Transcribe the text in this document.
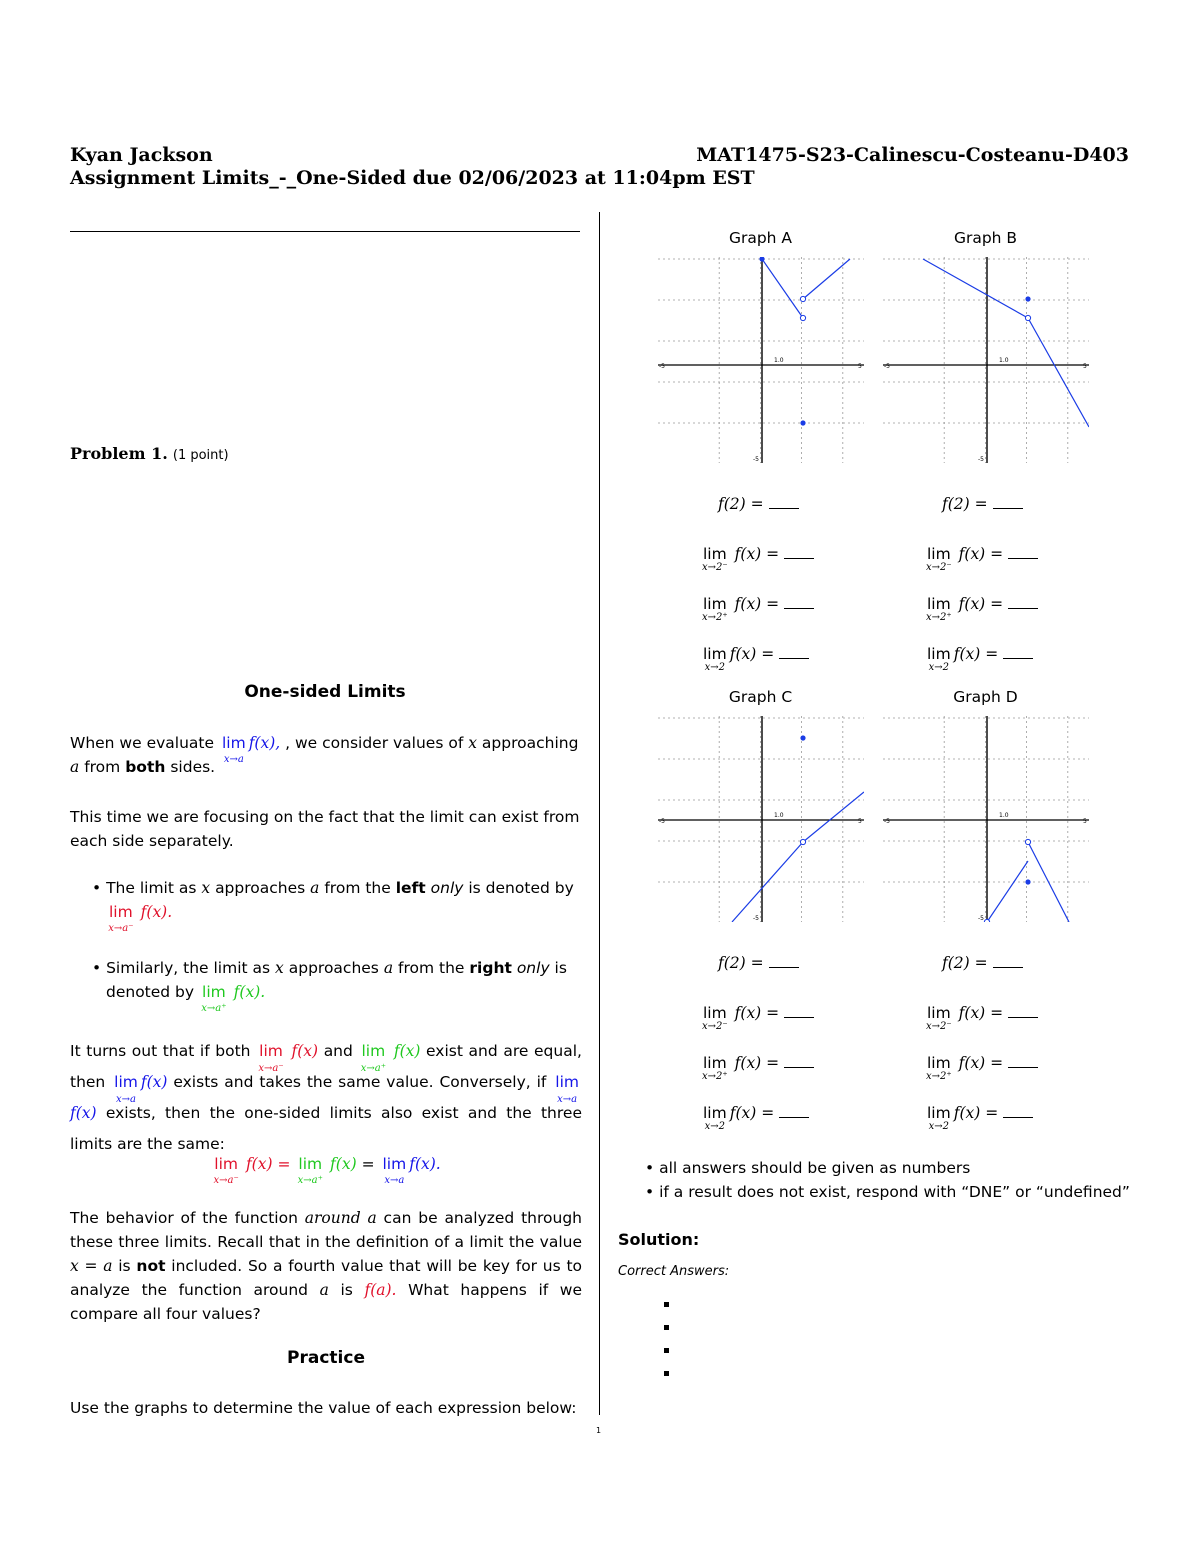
Kyan Jackson	MAT1475-S23-Calinescu-Costeanu-D403
Assignment Limits_-_One-Sided due 02/06/2023 at 11:04pm EST
Problem 1. (1 point)
One-sided Limits
When we evaluate lim
x→a
f(x), , we consider values of x approaching
a from both sides.
This time we are focusing on the fact that the limit can exist from each side separately.
• The limit as x approaches a from the left only is denoted by

lim
x→a⁻
f(x).
• Similarly, the limit as x approaches a from the right only is
denoted by lim
x→a⁺
f(x).
It turns out that if both lim
x→a⁻
f(x) and lim
x→a⁺
f(x) exist and are equal, then lim
x→a
f(x) exists and takes the same value. Conversely, if lim
x→a
f(x) exists, then the one-sided limits also exist and the three limits are the same:
lim
x→a⁻
f(x) = lim
x→a⁺
f(x) = lim
x→a
f(x).
The behavior of the function around a can be analyzed through these three limits. Recall that in the definition of a limit the value x = a is not included. So a fourth value that will be key for us to analyze the function around a is f(a). What happens if we compare all four values?
Practice
Use the graphs to determine the value of each expression below:
Graph A	Graph B
Graph C	Graph D
-5	5
1.0
-5
-5	5
1.0
-5
-5	5
1.0
-5
-5	5
1.0
-5
f(2) =
lim
x→2⁻
f(x) =
lim
x→2⁺
f(x) =
lim
x→2
f(x) =
f(2) =
lim
x→2⁻
f(x) =
lim
x→2⁺
f(x) =
lim
x→2
f(x) =
f(2) =
lim
x→2⁻
f(x) =
lim
x→2⁺
f(x) =
lim
x→2
f(x) =
f(2) =
lim
x→2⁻
f(x) =
lim
x→2⁺
f(x) =
lim
x→2
f(x) =
• all answers should be given as numbers
• if a result does not exist, respond with “DNE” or “undefined”
Solution:
Correct Answers:
1
